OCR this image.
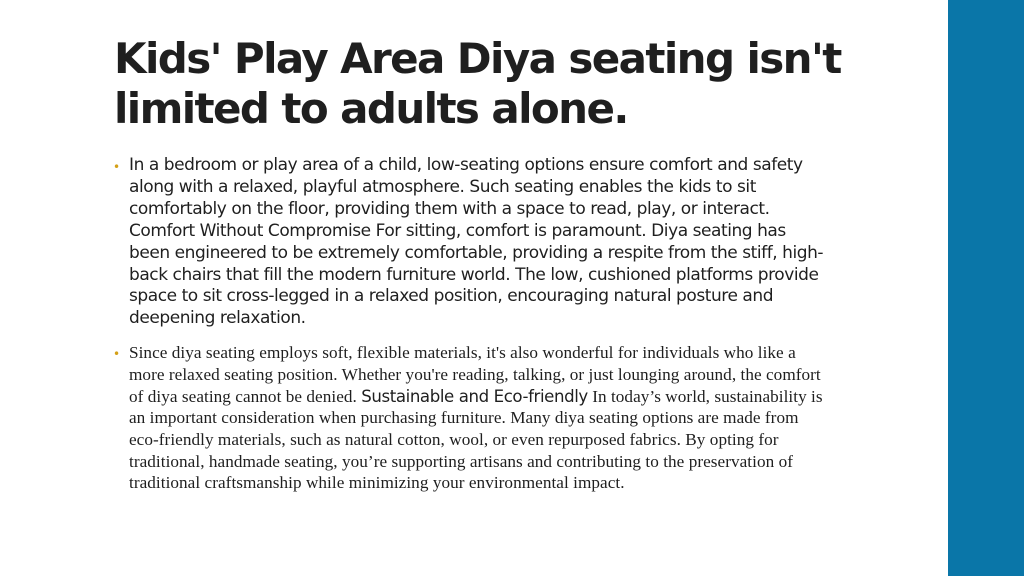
Kids' Play Area Diya seating isn't limited to adults alone.
• In a bedroom or play area of a child, low-seating options ensure comfort and safety along with a relaxed, playful atmosphere. Such seating enables the kids to sit comfortably on the floor, providing them with a space to read, play, or interact. Comfort Without Compromise For sitting, comfort is paramount. Diya seating has been engineered to be extremely comfortable, providing a respite from the stiff, high-back chairs that fill the modern furniture world. The low, cushioned platforms provide space to sit cross-legged in a relaxed position, encouraging natural posture and deepening relaxation.
• Since diya seating employs soft, flexible materials, it's also wonderful for individuals who like a more relaxed seating position. Whether you're reading, talking, or just lounging around, the comfort of diya seating cannot be denied. Sustainable and Eco-friendly In today’s world, sustainability is an important consideration when purchasing furniture. Many diya seating options are made from eco-friendly materials, such as natural cotton, wool, or even repurposed fabrics. By opting for traditional, handmade seating, you’re supporting artisans and contributing to the preservation of traditional craftsmanship while minimizing your environmental impact.
